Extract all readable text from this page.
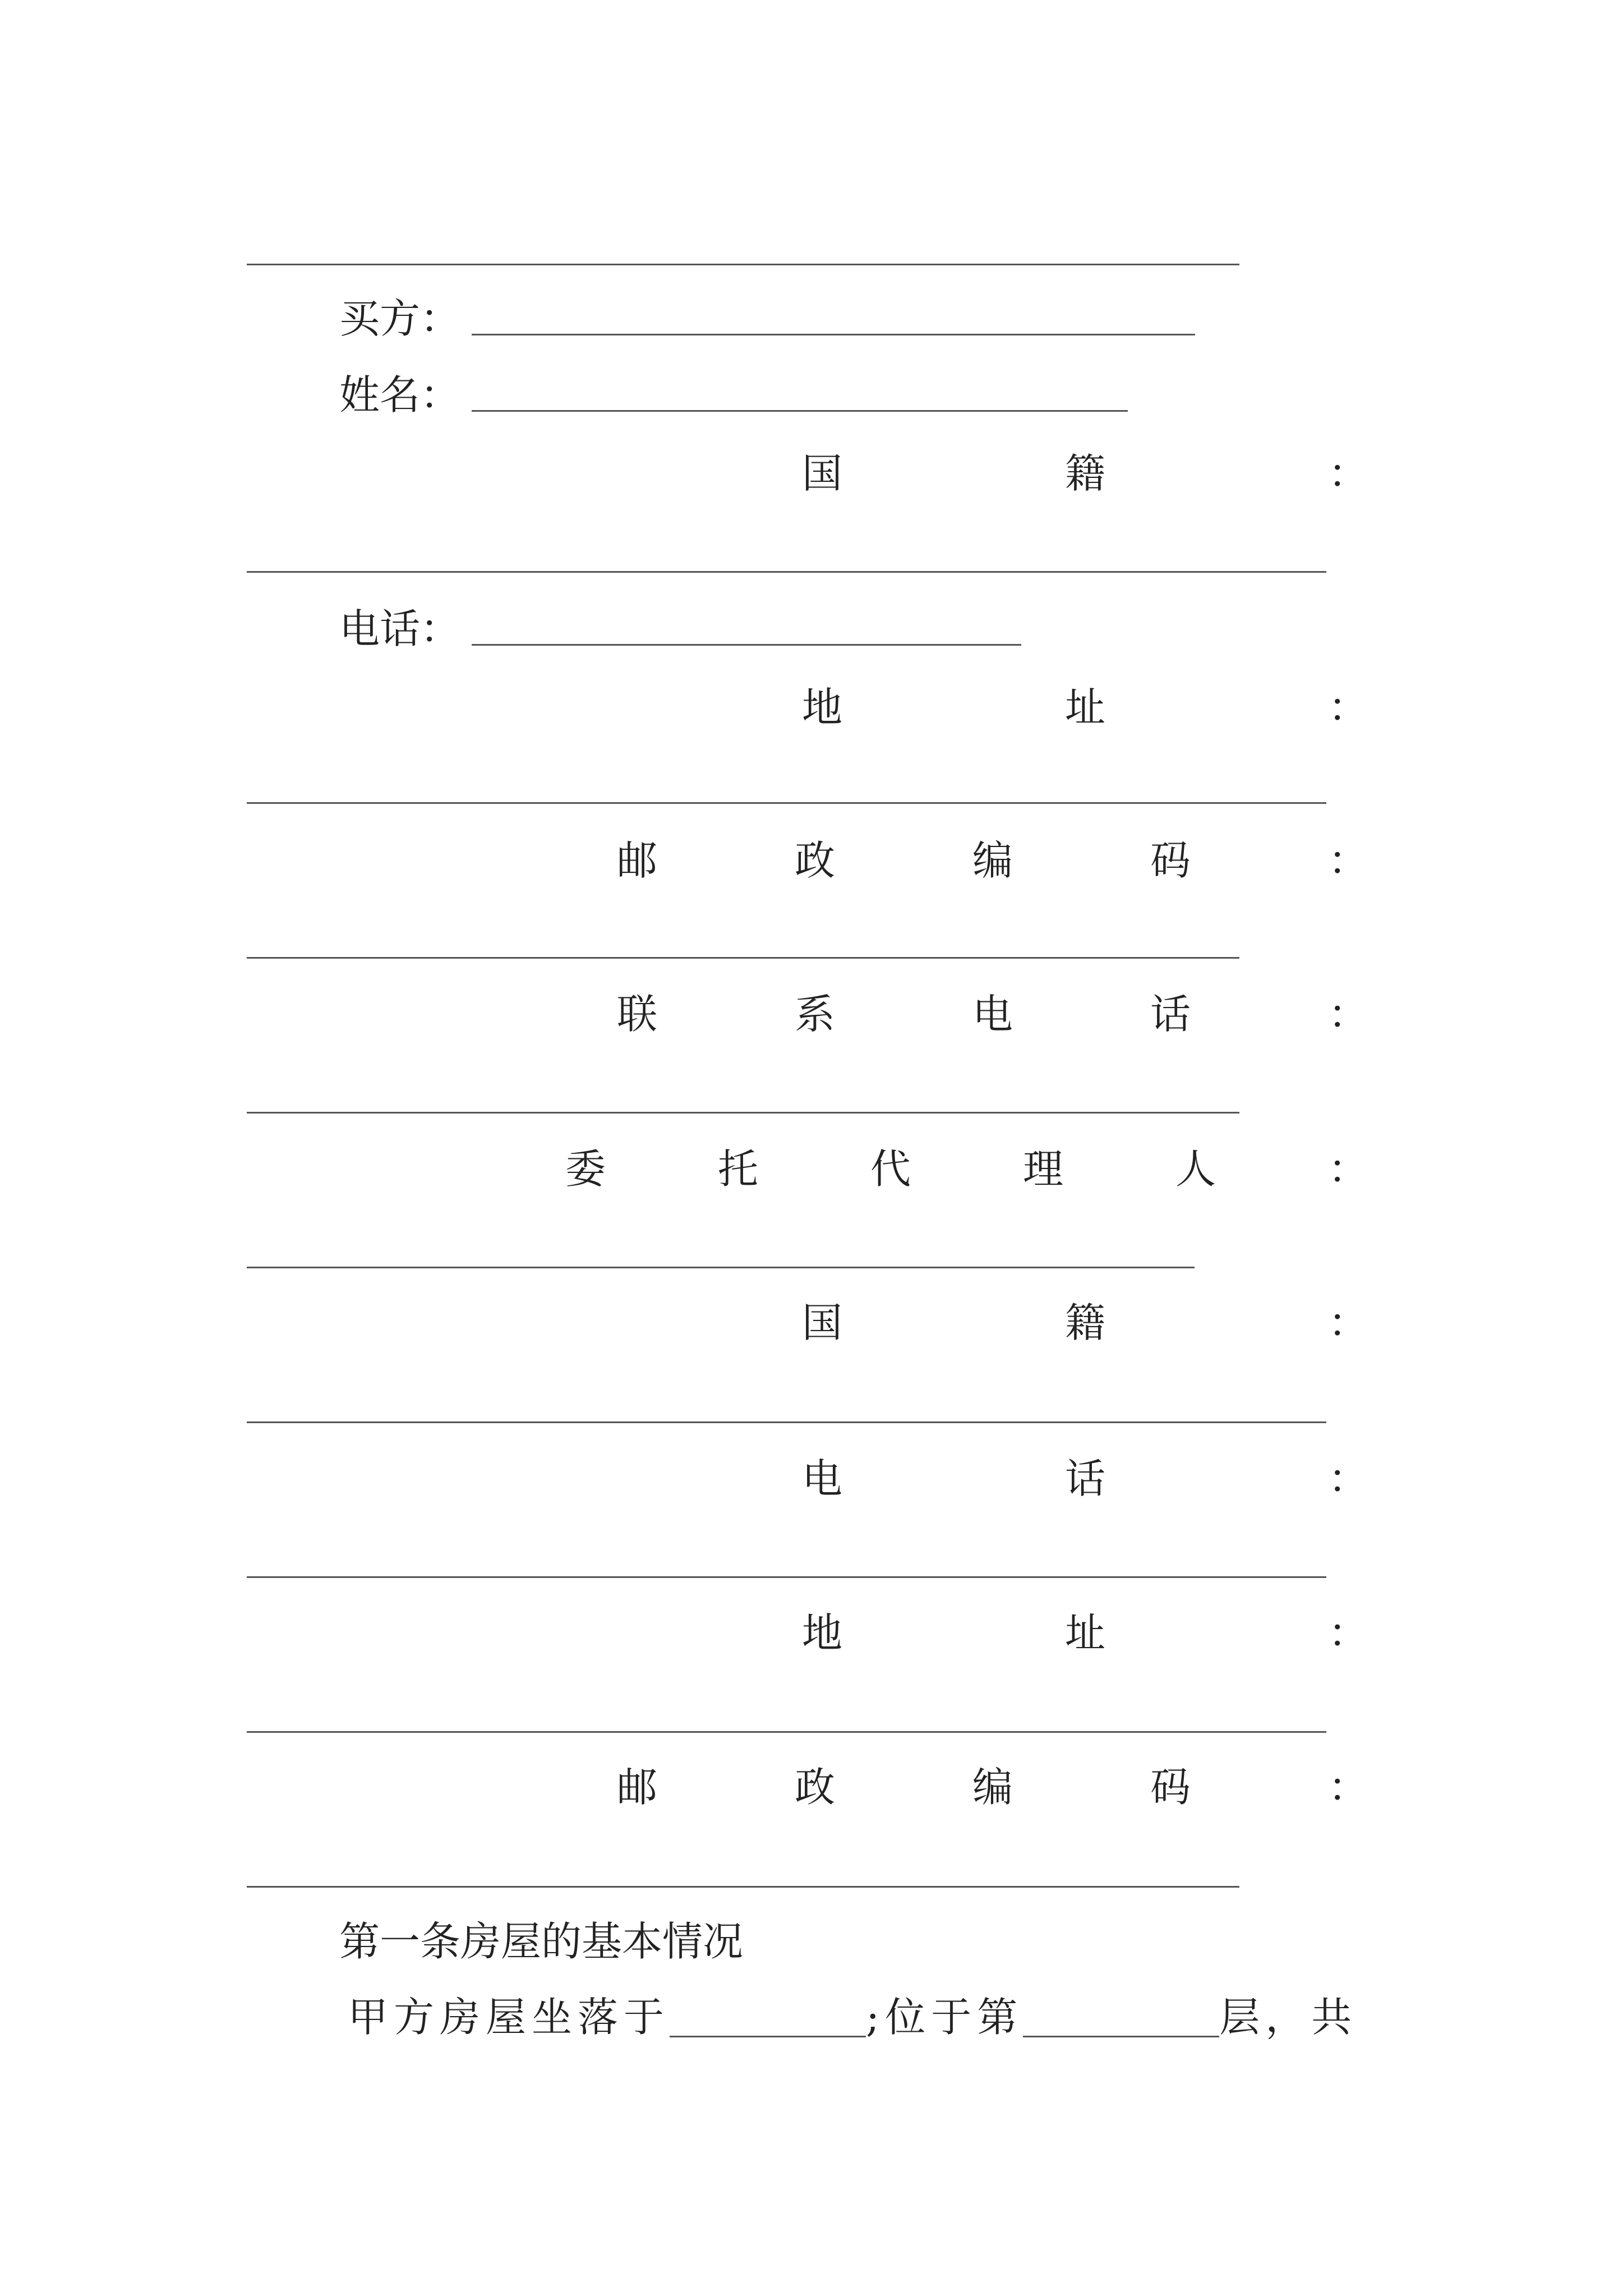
买方：
姓名：
国	籍	：
电话：
地	址	：
邮	政	编	码	：
联	系	电	话	：
委	托	代	理	人	：
国	籍	：
电	话	：
地	址	：
邮	政	编	码	：
第一条房屋的基本情况
甲方房屋坐落于	;位于第	层，共
